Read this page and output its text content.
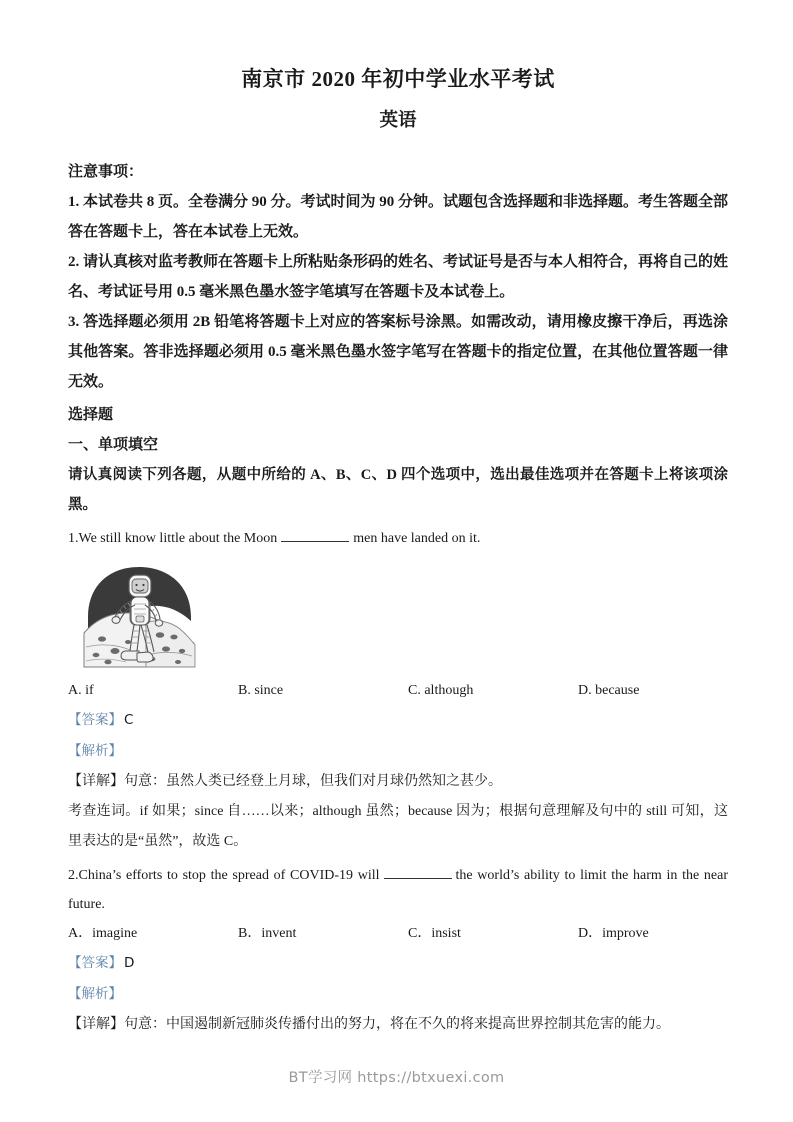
南京市 2020 年初中学业水平考试
英语
注意事项：
1. 本试卷共 8 页。全卷满分 90 分。考试时间为 90 分钟。试题包含选择题和非选择题。考生答题全部答在答题卡上，答在本试卷上无效。
2. 请认真核对监考教师在答题卡上所粘贴条形码的姓名、考试证号是否与本人相符合，再将自己的姓名、考试证号用 0.5 毫米黑色墨水签字笔填写在答题卡及本试卷上。
3. 答选择题必须用 2B 铅笔将答题卡上对应的答案标号涂黑。如需改动，请用橡皮擦干净后，再选涂其他答案。答非选择题必须用 0.5 毫米黑色墨水签字笔写在答题卡的指定位置，在其他位置答题一律无效。
选择题
一、单项填空
请认真阅读下列各题，从题中所给的 A、B、C、D 四个选项中，选出最佳选项并在答题卡上将该项涂黑。
1.We still know little about the Moon	men have landed on it.
A. if	B. since	C. although	D. because
【答案】 C
【解析】
【详解】句意：虽然人类已经登上月球，但我们对月球仍然知之甚少。
考查连词。if 如果；since 自……以来；although 虽然；because 因为；根据句意理解及句中的 still 可知，这里表达的是“虽然”，故选 C。
2.China’s efforts to stop the spread of COVID-19 will	the world’s ability to limit the harm in the near future.
A．imagine	B．invent	C．insist	D．improve
【答案】 D
【解析】
【详解】句意：中国遏制新冠肺炎传播付出的努力，将在不久的将来提高世界控制其危害的能力。
BT学习网 https://btxuexi.com
